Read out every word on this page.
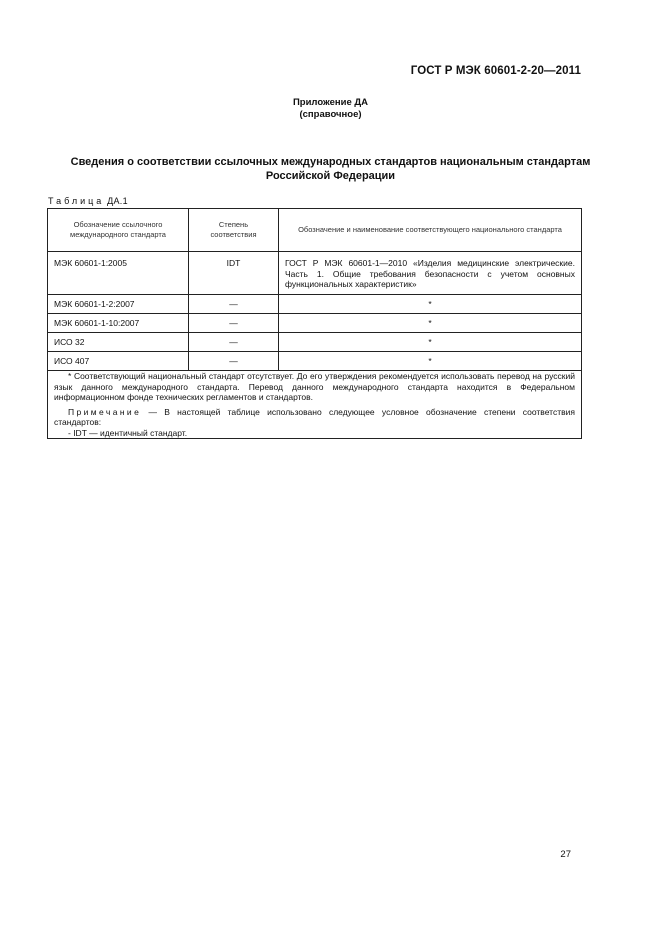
ГОСТ Р МЭК 60601-2-20—2011
Приложение ДА
(справочное)
Сведения о соответствии ссылочных международных стандартов национальным стандартам Российской Федерации
Таблица ДА.1
Обозначение ссылочного международного стандарта	Степень соответствия	Обозначение и наименование соответствующего национального стандарта
МЭК 60601-1:2005	IDT	ГОСТ Р МЭК 60601-1—2010 «Изделия медицинские электрические. Часть 1. Общие требования безопасности с учетом основных функциональных характеристик»
МЭК 60601-1-2:2007	—	*
МЭК 60601-1-10:2007	—	*
ИСО 32	—	*
ИСО 407	—	*

* Соответствующий национальный стандарт отсутствует. До его утверждения рекомендуется использовать перевод на русский язык данного международного стандарта. Перевод данного международного стандарта находится в Федеральном информационном фонде технических регламентов и стандартов.
Примечание — В настоящей таблице использовано следующее условное обозначение степени соответствия стандартов:
- IDT — идентичный стандарт.		
27
